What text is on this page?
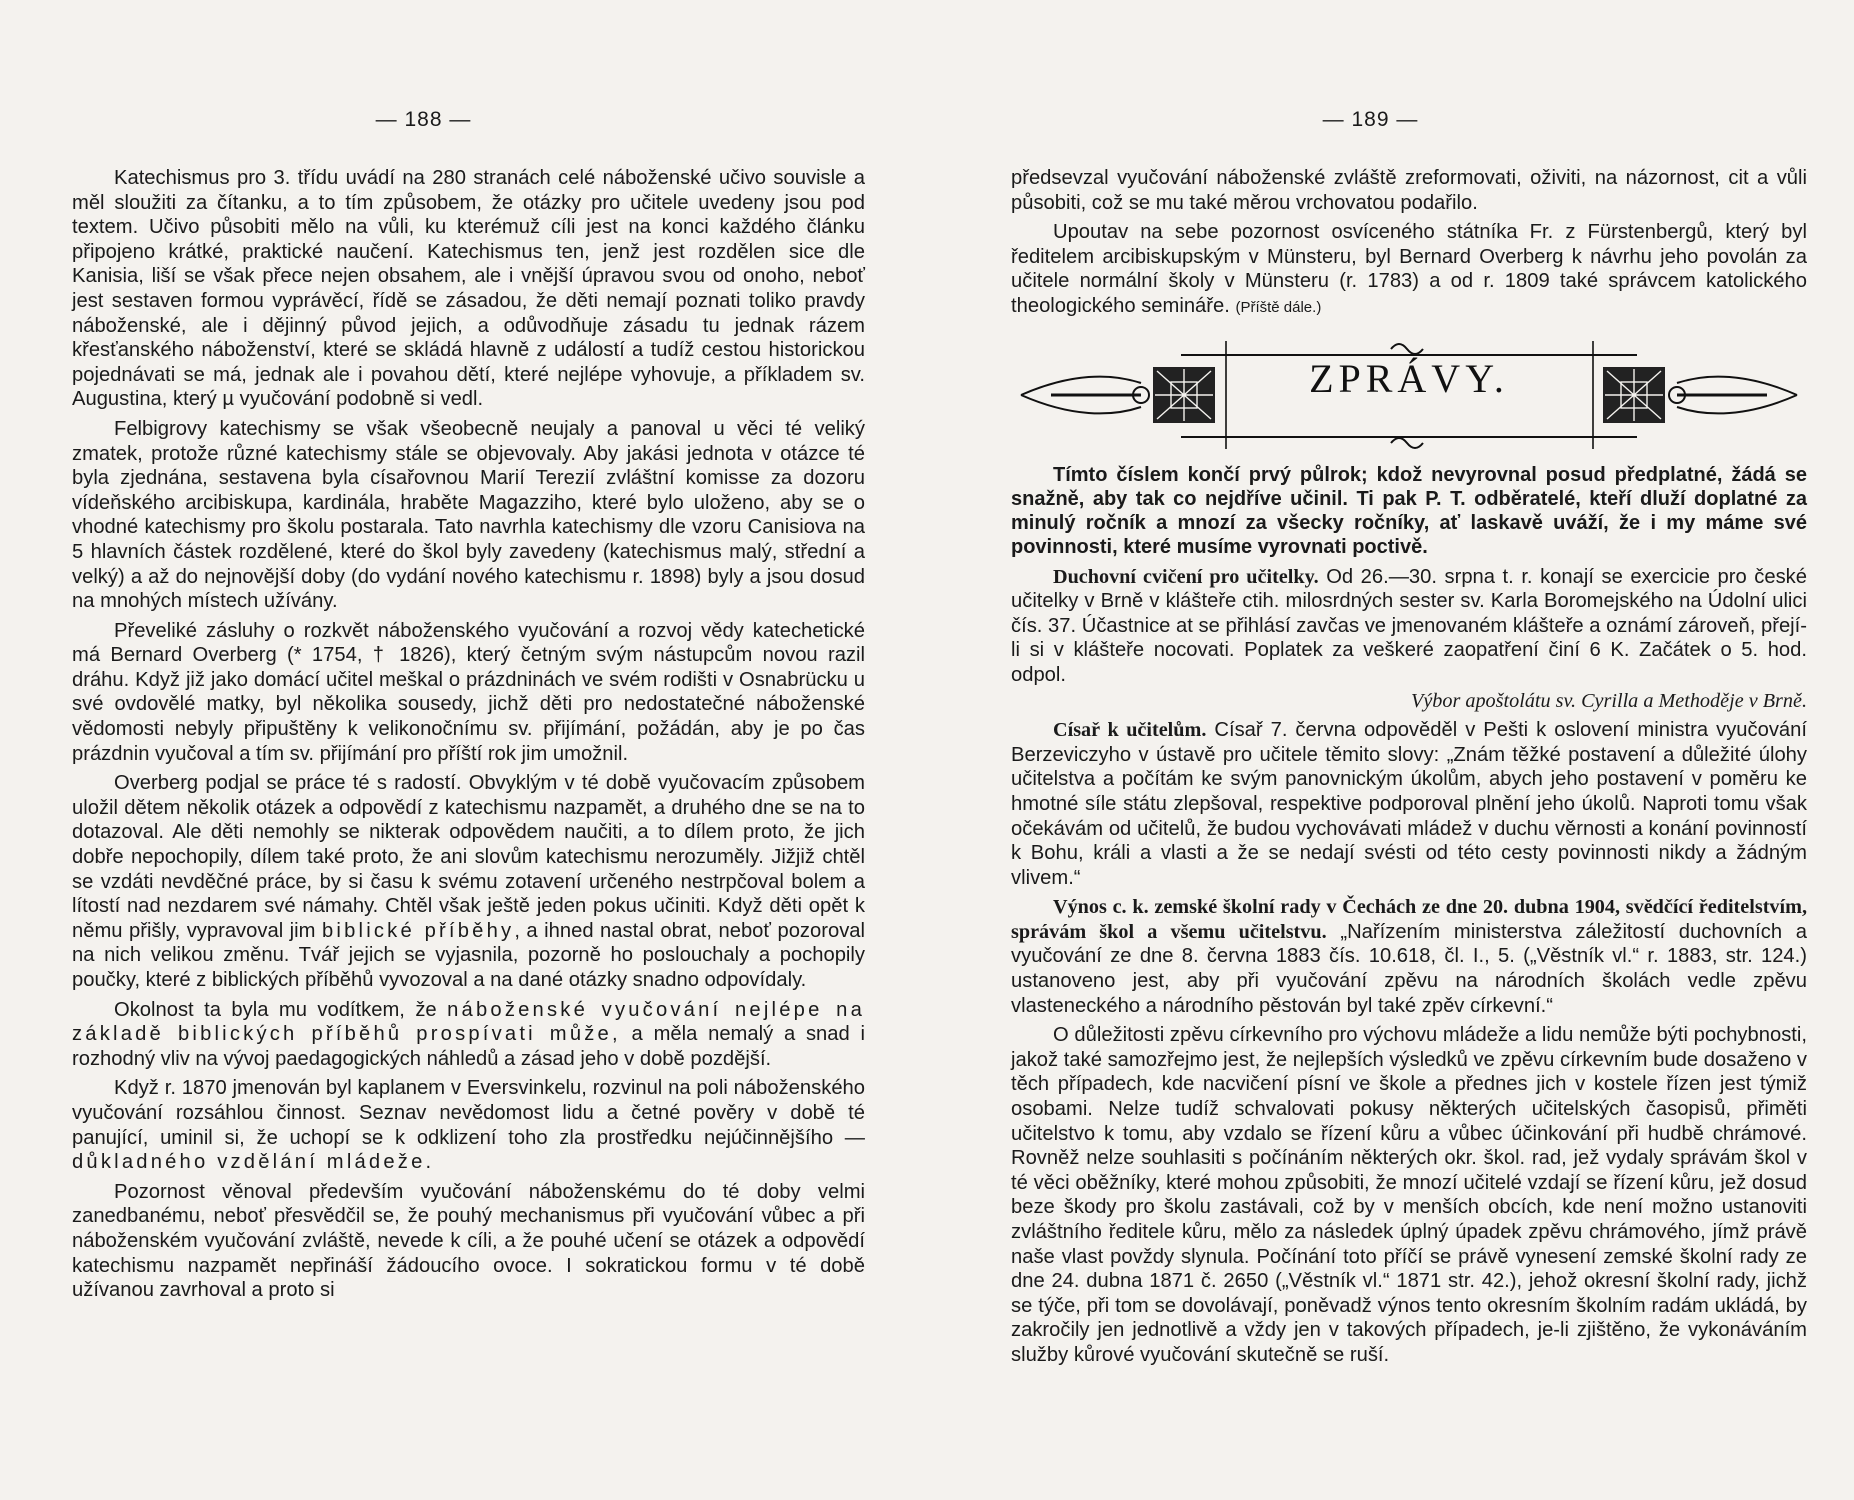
— 188 —

Katechismus pro 3. třídu uvádí na 280 stranách celé náboženské učivo souvisle a měl sloužiti za čítanku, a to tím způsobem, že otázky pro učitele uvedeny jsou pod textem. Učivo působiti mělo na vůli, ku kterémuž cíli jest na konci každého článku připojeno krátké, praktické naučení. Katechismus ten, jenž jest rozdělen sice dle Kanisia, liší se však přece nejen obsahem, ale i vnější úpravou svou od onoho, neboť jest sestaven formou vyprávěcí, řídě se zásadou, že děti nemají poznati toliko pravdy náboženské, ale i dějinný původ jejich, a odůvodňuje zásadu tu jednak rázem křesťanského náboženství, které se skládá hlavně z událostí a tudíž cestou historickou pojednávati se má, jednak ale i povahou dětí, které nejlépe vyhovuje, a příkladem sv. Augustina, který µ vyučování podobně si vedl.

Felbigrovy katechismy se však všeobecně neujaly a panoval u věci té veliký zmatek, protože různé katechismy stále se objevovaly. Aby jakási jednota v otázce té byla zjednána, sestavena byla císařovnou Marií Terezií zvláštní komisse za dozoru vídeňského arcibiskupa, kardinála, hraběte Magazziho, které bylo uloženo, aby se o vhodné katechismy pro školu postarala. Tato navrhla katechismy dle vzoru Canisiova na 5 hlavních částek rozdělené, které do škol byly zavedeny (katechismus malý, střední a velký) a až do nejnovější doby (do vydání nového katechismu r. 1898) byly a jsou dosud na mnohých místech užívány.

Převeliké zásluhy o rozkvět náboženského vyučování a rozvoj vědy katechetické má Bernard Overberg (* 1754, † 1826), který četným svým nástupcům novou razil dráhu. Když již jako domácí učitel meškal o prázdninách ve svém rodišti v Osnabrücku u své ovdovělé matky, byl několika sousedy, jichž děti pro nedostatečné náboženské vědomosti nebyly připuštěny k velikonočnímu sv. přijímání, požádán, aby je po čas prázdnin vyučoval a tím sv. přijímání pro příští rok jim umožnil.

Overberg podjal se práce té s radostí. Obvyklým v té době vyučovacím způsobem uložil dětem několik otázek a odpovědí z katechismu nazpamět, a druhého dne se na to dotazoval. Ale děti nemohly se nikterak odpovědem naučiti, a to dílem proto, že jich dobře nepochopily, dílem také proto, že ani slovům katechismu nerozuměly. Jižjiž chtěl se vzdáti nevděčné práce, by si času k svému zotavení určeného nestrpčoval bolem a lítostí nad nezdarem své námahy. Chtěl však ještě jeden pokus učiniti. Když děti opět k němu přišly, vypravoval jim biblické příběhy, a ihned nastal obrat, neboť pozoroval na nich velikou změnu. Tvář jejich se vyjasnila, pozorně ho poslouchaly a pochopily poučky, které z biblických příběhů vyvozoval a na dané otázky snadno odpovídaly.

Okolnost ta byla mu vodítkem, že náboženské vyučování nejlépe na základě biblických příběhů prospívati může, a měla nemalý a snad i rozhodný vliv na vývoj paedagogických náhledů a zásad jeho v době pozdější.

Když r. 1870 jmenován byl kaplanem v Eversvinkelu, rozvinul na poli náboženského vyučování rozsáhlou činnost. Seznav nevědomost lidu a četné pověry v době té panující, uminil si, že uchopí se k odklizení toho zla prostředku nejúčinnějšího — důkladného vzdělání mládeže.

Pozornost věnoval především vyučování náboženskému do té doby velmi zanedbanému, neboť přesvědčil se, že pouhý mechanismus při vyučování vůbec a při náboženském vyučování zvláště, nevede k cíli, a že pouhé učení se otázek a odpovědí katechismu nazpamět nepřináší žádoucího ovoce. I sokratickou formu v té době užívanou zavrhoval a proto si

— 189 —

předsevzal vyučování náboženské zvláště zreformovati, oživiti, na názornost, cit a vůli působiti, což se mu také měrou vrchovatou podařilo.

Upoutav na sebe pozornost osvíceného státníka Fr. z Fürstenbergů, který byl ředitelem arcibiskupským v Münsteru, byl Bernard Overberg k návrhu jeho povolán za učitele normální školy v Münsteru (r. 1783) a od r. 1809 také správcem katolického theologického semináře. (Příště dále.)

ZPRÁVY.

Tímto číslem končí prvý půlrok; kdož nevyrovnal posud předplatné, žádá se snažně, aby tak co nejdříve učinil. Ti pak P. T. odběratelé, kteří dluží doplatné za minulý ročník a mnozí za všecky ročníky, ať laskavě uváží, že i my máme své povinnosti, které musíme vyrovnati poctivě.

Duchovní cvičení pro učitelky. Od 26.—30. srpna t. r. konají se exercicie pro české učitelky v Brně v klášteře ctih. milosrdných sester sv. Karla Boromejského na Údolní ulici čís. 37. Účastnice at se přihlásí zavčas ve jmenovaném klášteře a oznámí zároveň, přejí-li si v klášteře nocovati. Poplatek za veškeré zaopatření činí 6 K. Začátek o 5. hod. odpol.

Výbor apoštolátu sv. Cyrilla a Methoděje v Brně.

Císař k učitelům. Císař 7. června odpověděl v Pešti k oslovení ministra vyučování Berzeviczyho v ústavě pro učitele těmito slovy: „Znám těžké postavení a důležité úlohy učitelstva a počítám ke svým panovnickým úkolům, abych jeho postavení v poměru ke hmotné síle státu zlepšoval, respektive podporoval plnění jeho úkolů. Naproti tomu však očekávám od učitelů, že budou vychovávati mládež v duchu věrnosti a konání povinností k Bohu, králi a vlasti a že se nedají svésti od této cesty povinnosti nikdy a žádným vlivem.“

Výnos c. k. zemské školní rady v Čechách ze dne 20. dubna 1904, svědčící ředitelstvím, správám škol a všemu učitelstvu. „Nařízením ministerstva záležitostí duchovních a vyučování ze dne 8. června 1883 čís. 10.618, čl. I., 5. („Věstník vl.“ r. 1883, str. 124.) ustanoveno jest, aby při vyučování zpěvu na národních školách vedle zpěvu vlasteneckého a národního pěstován byl také zpěv církevní.“

O důležitosti zpěvu církevního pro výchovu mládeže a lidu nemůže býti pochybnosti, jakož také samozřejmo jest, že nejlepších výsledků ve zpěvu církevním bude dosaženo v těch případech, kde nacvičení písní ve škole a přednes jich v kostele řízen jest týmiž osobami. Nelze tudíž schvalovati pokusy některých učitelských časopisů, přiměti učitelstvo k tomu, aby vzdalo se řízení kůru a vůbec účinkování při hudbě chrámové. Rovněž nelze souhlasiti s počínáním některých okr. škol. rad, jež vydaly správám škol v té věci oběžníky, které mohou způsobiti, že mnozí učitelé vzdají se řízení kůru, jež dosud beze škody pro školu zastávali, což by v menších obcích, kde není možno ustanoviti zvláštního ředitele kůru, mělo za následek úplný úpadek zpěvu chrámového, jímž právě naše vlast povždy slynula. Počínání toto příčí se právě vynesení zemské školní rady ze dne 24. dubna 1871 č. 2650 („Věstník vl.“ 1871 str. 42.), jehož okresní školní rady, jichž se týče, při tom se dovolávají, poněvadž výnos tento okresním školním radám ukládá, by zakročily jen jednotlivě a vždy jen v takových případech, je-li zjištěno, že vykonáváním služby kůrové vyučování skutečně se ruší.
